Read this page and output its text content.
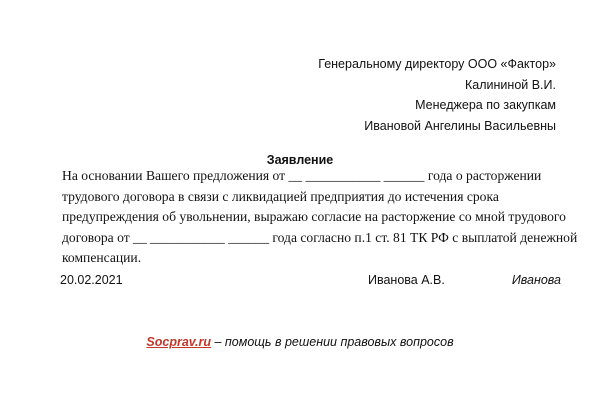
Генеральному директору ООО «Фактор»
Калининой В.И.
Менеджера по закупкам
Ивановой Ангелины Васильевны
Заявление
На основании Вашего предложения от __ ___________ ______ года о расторжении
трудового договора в связи с ликвидацией предприятия до истечения срока
предупреждения об увольнении, выражаю согласие на расторжение со мной трудового
договора от __ ___________ ______ года согласно п.1 ст. 81 ТК РФ с выплатой денежной
компенсации.
20.02.2021	Иванова А.В.	Иванова
Socprav.ru – помощь в решении правовых вопросов
